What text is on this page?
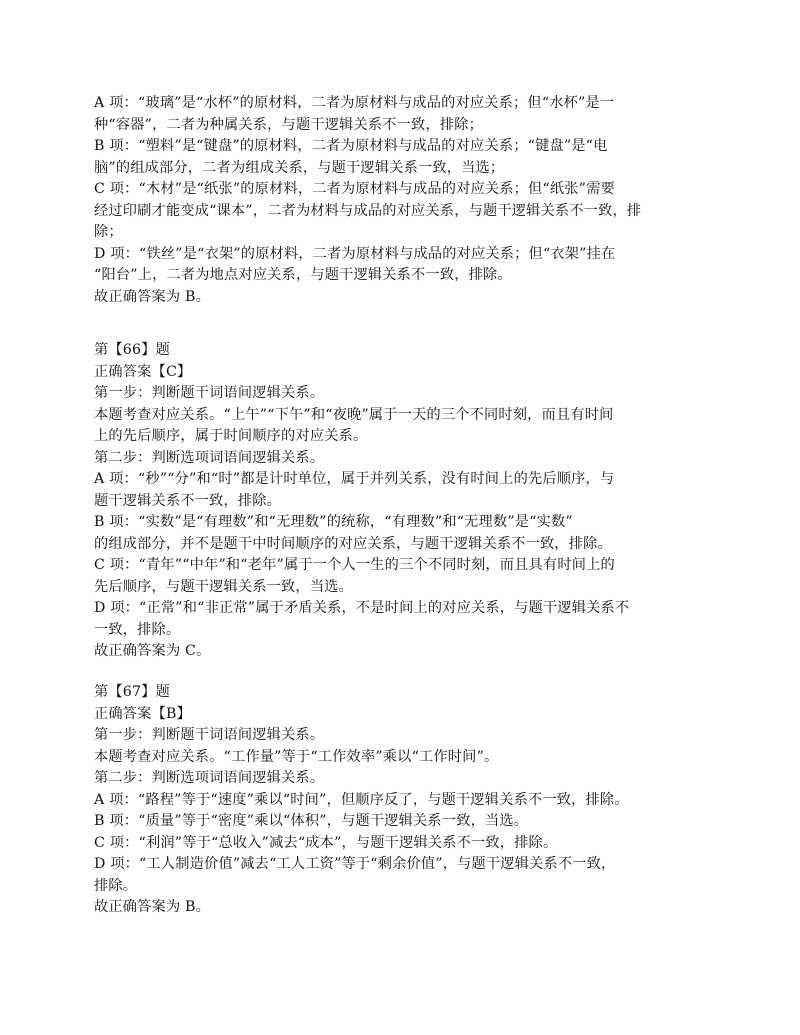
A 项：“玻璃”是“水杯”的原材料，二者为原材料与成品的对应关系；但“水杯”是一
种“容器”，二者为种属关系，与题干逻辑关系不一致，排除；
B 项：“塑料”是“键盘”的原材料，二者为原材料与成品的对应关系；“键盘”是“电
脑”的组成部分，二者为组成关系，与题干逻辑关系一致，当选；
C 项：“木材”是“纸张”的原材料，二者为原材料与成品的对应关系；但“纸张”需要
经过印刷才能变成“课本”，二者为材料与成品的对应关系，与题干逻辑关系不一致，排
除；
D 项：“铁丝”是“衣架”的原材料，二者为原材料与成品的对应关系；但“衣架”挂在
“阳台”上，二者为地点对应关系，与题干逻辑关系不一致，排除。
故正确答案为 B。
第【66】题
正确答案【C】
第一步：判断题干词语间逻辑关系。
本题考查对应关系。“上午”“下午”和“夜晚”属于一天的三个不同时刻，而且有时间
上的先后顺序，属于时间顺序的对应关系。
第二步：判断选项词语间逻辑关系。
A 项：“秒”“分”和“时”都是计时单位，属于并列关系，没有时间上的先后顺序，与
题干逻辑关系不一致，排除。
B 项：“实数”是“有理数”和“无理数”的统称，“有理数”和“无理数”是“实数”
的组成部分，并不是题干中时间顺序的对应关系，与题干逻辑关系不一致，排除。
C 项：“青年”“中年”和“老年”属于一个人一生的三个不同时刻，而且具有时间上的
先后顺序，与题干逻辑关系一致，当选。
D 项：“正常”和“非正常”属于矛盾关系，不是时间上的对应关系，与题干逻辑关系不
一致，排除。
故正确答案为 C。
第【67】题
正确答案【B】
第一步：判断题干词语间逻辑关系。
本题考查对应关系。“工作量”等于“工作效率”乘以“工作时间”。
第二步：判断选项词语间逻辑关系。
A 项：“路程”等于“速度”乘以“时间”，但顺序反了，与题干逻辑关系不一致，排除。
B 项：“质量”等于“密度”乘以“体积”，与题干逻辑关系一致，当选。
C 项：“利润”等于“总收入”减去“成本”，与题干逻辑关系不一致，排除。
D 项：“工人制造价值”减去“工人工资”等于“剩余价值”，与题干逻辑关系不一致，
排除。
故正确答案为 B。
